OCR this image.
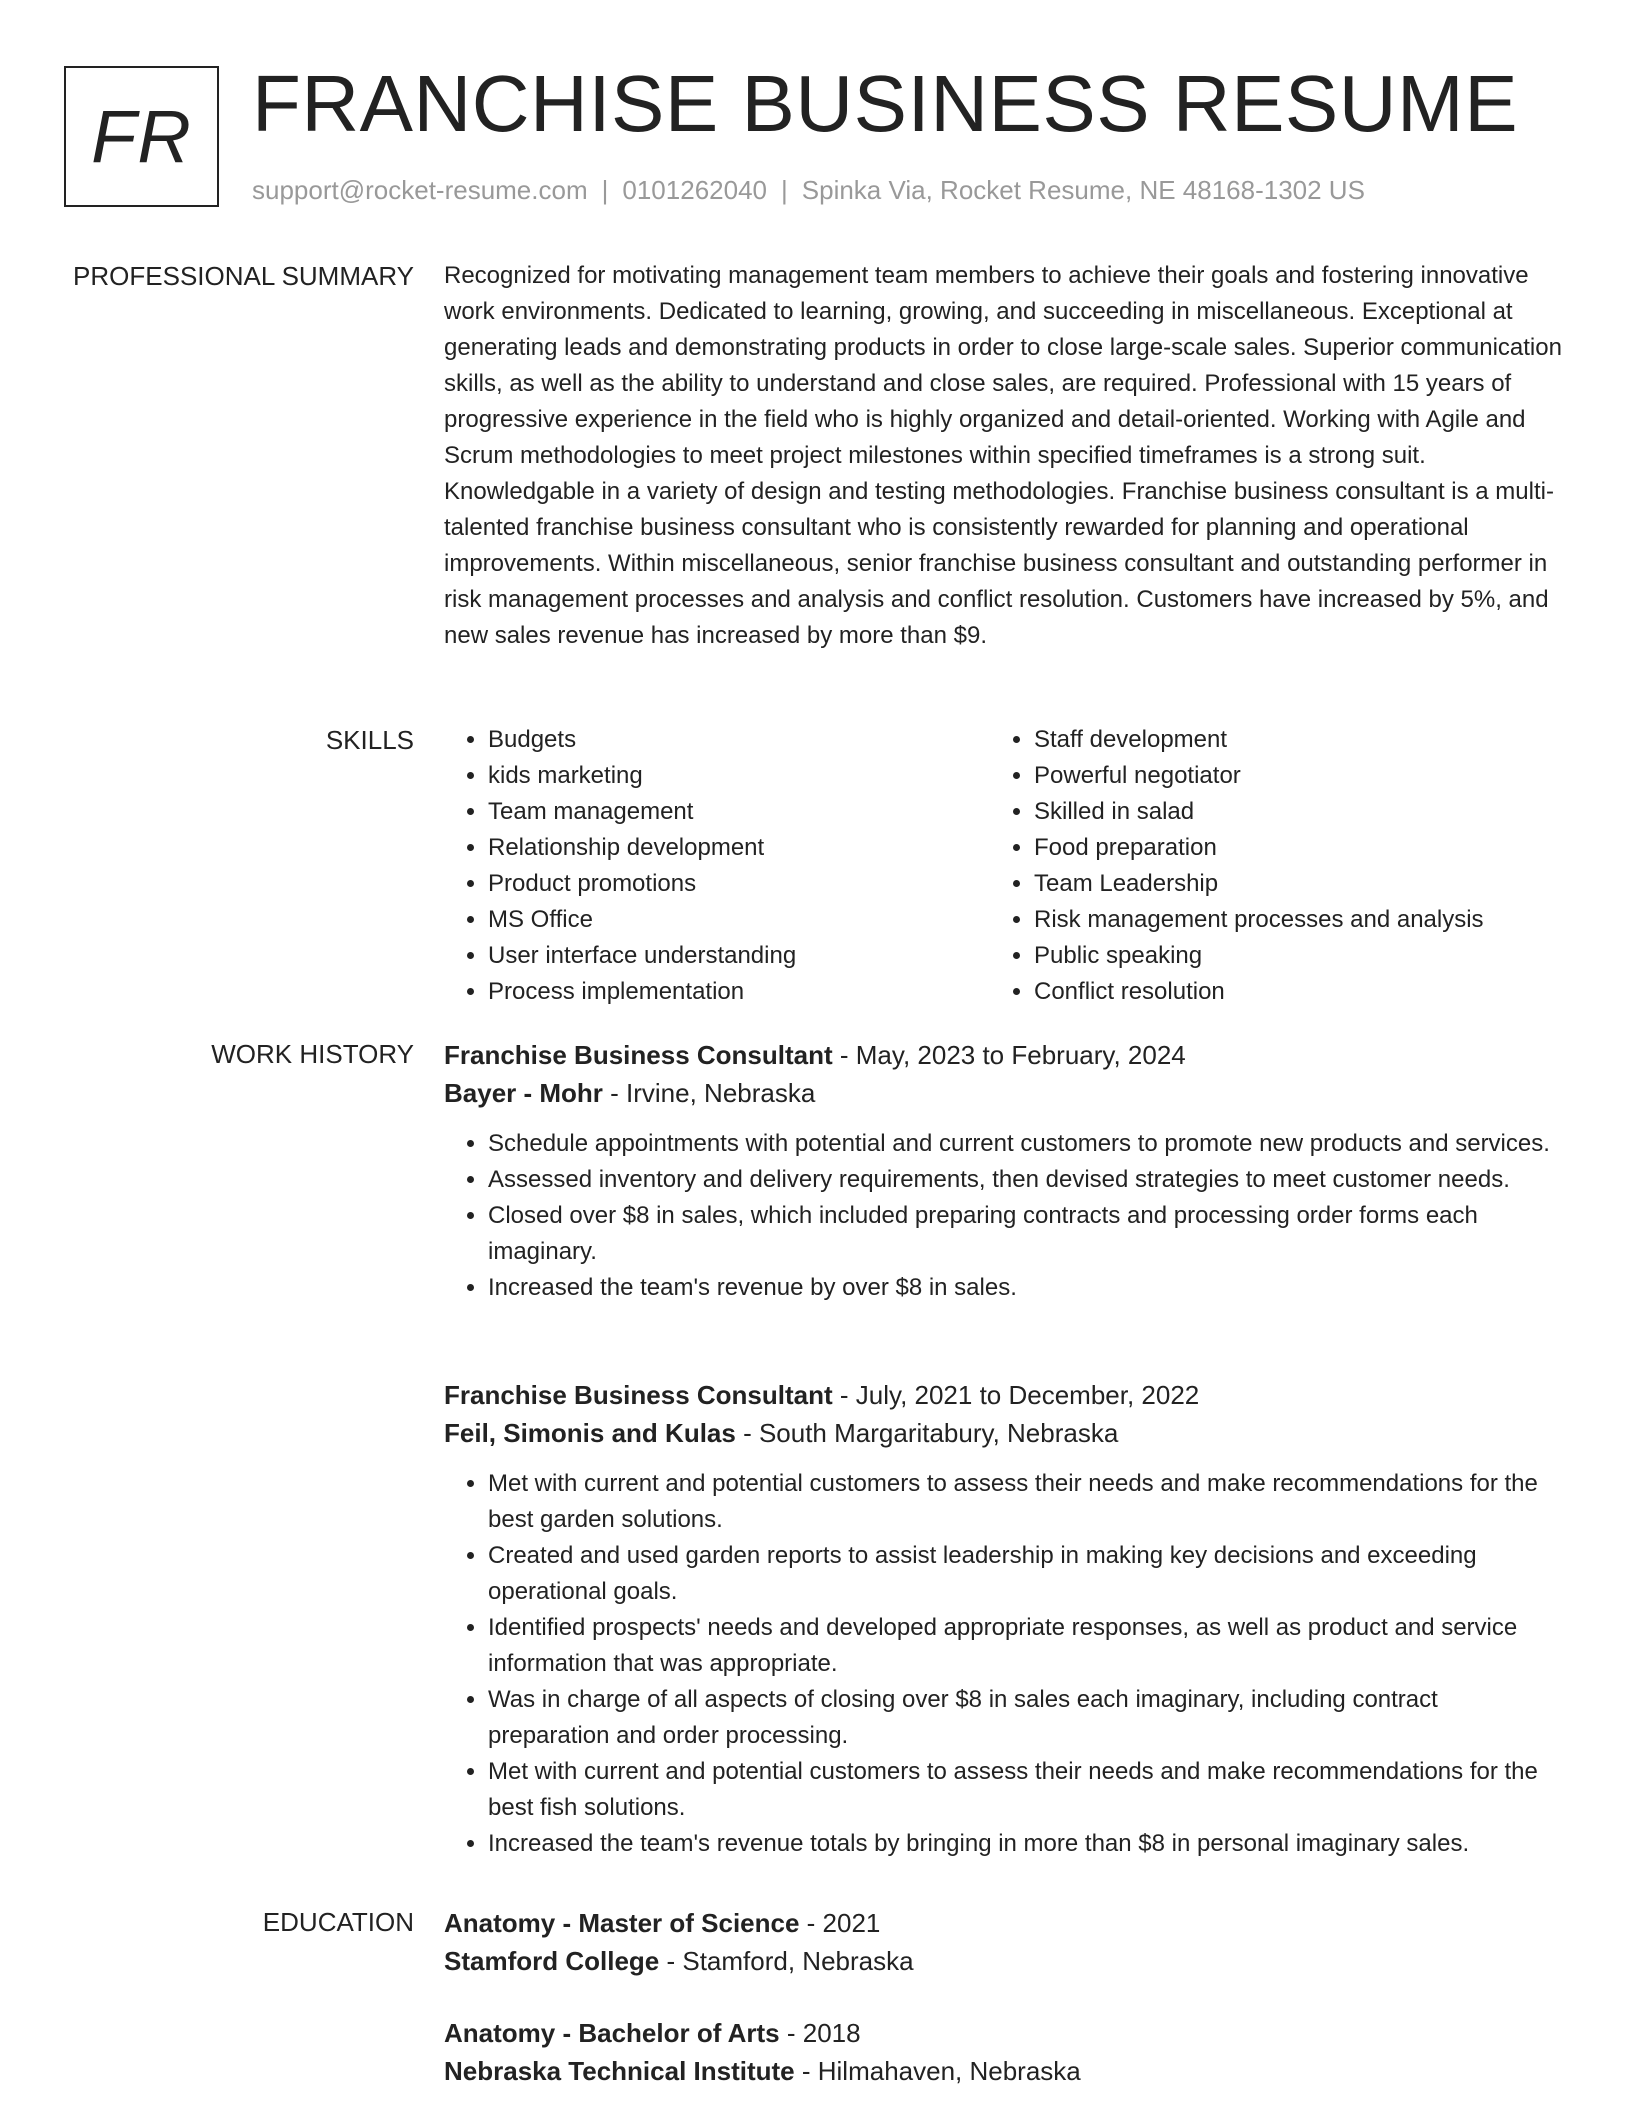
FR FRANCHISE BUSINESS RESUME
support@rocket-resume.com | 0101262040 | Spinka Via, Rocket Resume, NE 48168-1302 US
PROFESSIONAL SUMMARY Recognized for motivating management team members to achieve their goals and fostering innovative work environments. Dedicated to learning, growing, and succeeding in miscellaneous. Exceptional at generating leads and demonstrating products in order to close large-scale sales. Superior communication skills, as well as the ability to understand and close sales, are required. Professional with 15 years of progressive experience in the field who is highly organized and detail-oriented. Working with Agile and Scrum methodologies to meet project milestones within specified timeframes is a strong suit. Knowledgable in a variety of design and testing methodologies. Franchise business consultant is a multi-talented franchise business consultant who is consistently rewarded for planning and operational improvements. Within miscellaneous, senior franchise business consultant and outstanding performer in risk management processes and analysis and conflict resolution. Customers have increased by 5%, and new sales revenue has increased by more than $9.

SKILLS
•	Budgets
• kids marketing
• Team management
• Relationship development
• Product promotions
• MS Office
• User interface understanding
• Process implementation
• Staff development
• Powerful negotiator
• Skilled in salad
• Food preparation
• Team Leadership
• Risk management processes and analysis
• Public speaking
• Conflict resolution
WORK HISTORY Franchise Business Consultant - May, 2023 to February, 2024
Bayer - Mohr - Irvine, Nebraska
• Schedule appointments with potential and current customers to promote new products and services.
• Assessed inventory and delivery requirements, then devised strategies to meet customer needs.
• Closed over $8 in sales, which included preparing contracts and processing order forms each imaginary.
• Increased the team's revenue by over $8 in sales.
Franchise Business Consultant - July, 2021 to December, 2022
Feil, Simonis and Kulas - South Margaritabury, Nebraska
• Met with current and potential customers to assess their needs and make recommendations for the best garden solutions.
• Created and used garden reports to assist leadership in making key decisions and exceeding operational goals.
• Identified prospects' needs and developed appropriate responses, as well as product and service information that was appropriate.
• Was in charge of all aspects of closing over $8 in sales each imaginary, including contract preparation and order processing.
• Met with current and potential customers to assess their needs and make recommendations for the best fish solutions.
• Increased the team's revenue totals by bringing in more than $8 in personal imaginary sales.
EDUCATION Anatomy - Master of Science - 2021
Stamford College - Stamford, Nebraska
Anatomy - Bachelor of Arts - 2018
Nebraska Technical Institute - Hilmahaven, Nebraska
